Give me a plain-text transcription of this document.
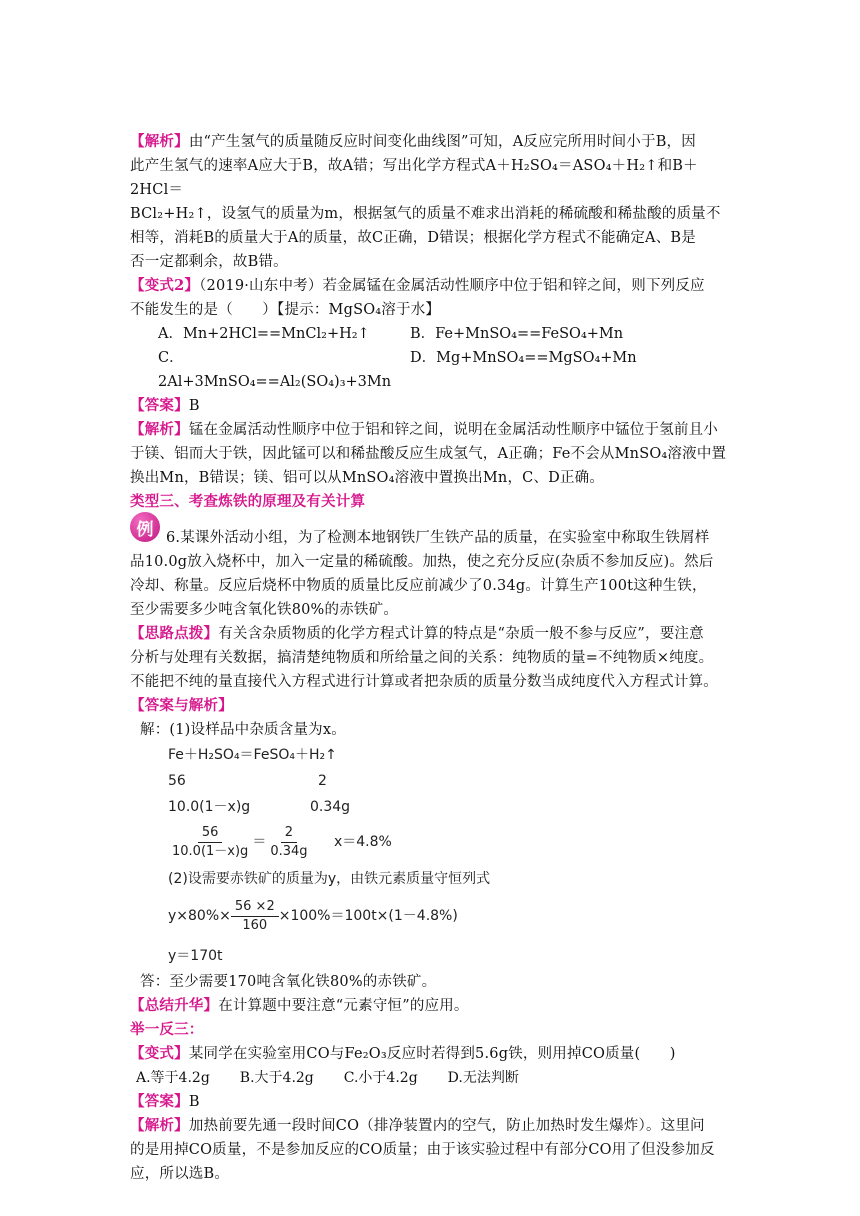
【解析】由“产生氢气的质量随反应时间变化曲线图”可知，A反应完所用时间小于B，因

此产生氢气的速率A应大于B，故A错；写出化学方程式A＋H₂SO₄＝ASO₄＋H₂↑和B＋2HCl＝

BCl₂+H₂↑，设氢气的质量为m，根据氢气的质量不难求出消耗的稀硫酸和稀盐酸的质量不

相等，消耗B的质量大于A的质量，故C正确，D错误；根据化学方程式不能确定A、B是

否一定都剩余，故B错。

【变式2】（2019·山东中考）若金属锰在金属活动性顺序中位于铝和锌之间，则下列反应

不能发生的是（　　）【提示：MgSO₄溶于水】

A．Mn+2HCl==MnCl₂+H₂↑	B．Fe+MnSO₄==FeSO₄+Mn
C．2Al+3MnSO₄==Al₂(SO₄)₃+3Mn
D．Mg+MnSO₄==MgSO₄+Mn

【答案】B

【解析】锰在金属活动性顺序中位于铝和锌之间，说明在金属活动性顺序中锰位于氢前且小

于镁、铝而大于铁，因此锰可以和稀盐酸反应生成氢气，A正确；Fe不会从MnSO₄溶液中置

换出Mn，B错误；镁、铝可以从MnSO₄溶液中置换出Mn，C、D正确。

类型三、考查炼铁的原理及有关计算

例 6.某课外活动小组，为了检测本地钢铁厂生铁产品的质量，在实验室中称取生铁屑样

品10.0g放入烧杯中，加入一定量的稀硫酸。加热，使之充分反应(杂质不参加反应)。然后

冷却、称量。反应后烧杯中物质的质量比反应前减少了0.34g。计算生产100t这种生铁，

至少需要多少吨含氧化铁80%的赤铁矿。

【思路点拨】有关含杂质物质的化学方程式计算的特点是“杂质一般不参与反应”，要注意

分析与处理有关数据，搞清楚纯物质和所给量之间的关系：纯物质的量=不纯物质×纯度。

不能把不纯的量直接代入方程式进行计算或者把杂质的质量分数当成纯度代入方程式计算。

【答案与解析】

解：(1)设样品中杂质含量为x。

Fe＋H₂SO₄＝FeSO₄＋H₂↑
56	2
10.0(1－x)g	0.34g
$\frac{56}{10.0(1-x)g} = \frac{2}{0.34g} x=4.8\%$
(2)设需要赤铁矿的质量为y，由铁元素质量守恒列式
$y\times 80\%\times \frac{56 \times 2}{160} \times 100\%=100t\times(1-4.8\%)$
y＝170t

答：至少需要170吨含氧化铁80%的赤铁矿。

【总结升华】在计算题中要注意“元素守恒”的应用。

举一反三：

【变式】某同学在实验室用CO与Fe₂O₃反应时若得到5.6g铁，则用掉CO质量(　　)

A.等于4.2g B.大于4.2g C.小于4.2g D.无法判断

【答案】B

【解析】加热前要先通一段时间CO（排净装置内的空气，防止加热时发生爆炸）。这里问

的是用掉CO质量，不是参加反应的CO质量；由于该实验过程中有部分CO用了但没参加反

应，所以选B。
